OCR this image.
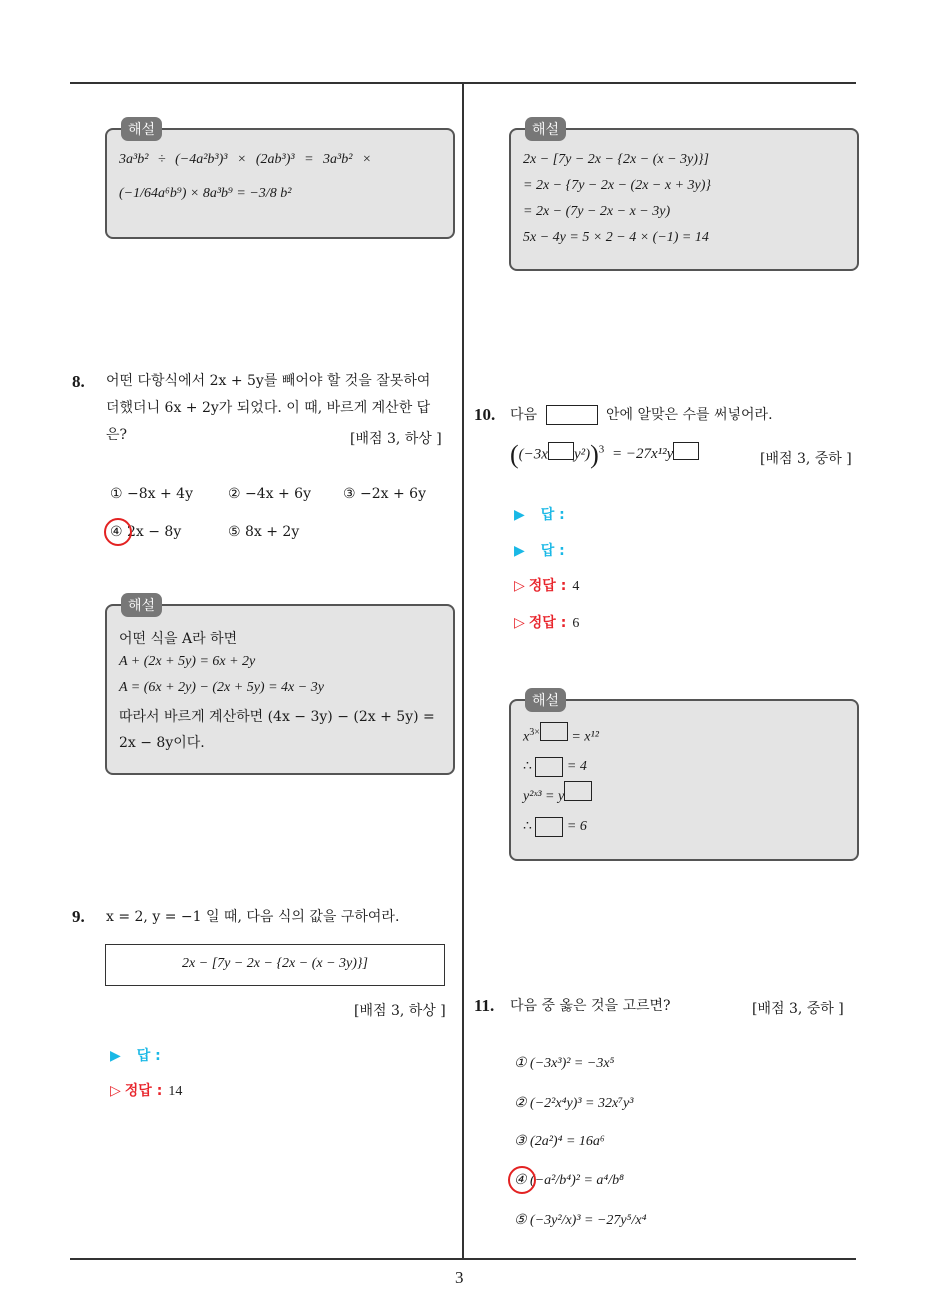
3
해설
3a³b² ÷ (−4a²b³)³ × (2ab³)³ = 3a³b² ×
(−1/64a⁶b⁹) × 8a³b⁹ = −3/8 b²
8. 어떤 다항식에서 2x + 5y를 빼어야 할 것을 잘못하여
더했더니 6x + 2y가 되었다. 이 때, 바르게 계산한 답
은?	[배점 3, 하상 ]
① −8x + 4y	② −4x + 6y ③ −2x + 6y
④ 2x − 8y	⑤ 8x + 2y
해설
어떤 식을 A라 하면
A + (2x + 5y) = 6x + 2y
A = (6x + 2y) − (2x + 5y) = 4x − 3y
따라서 바르게 계산하면 (4x − 3y) − (2x + 5y) =
2x − 8y이다.
9. x = 2, y = −1 일 때, 다음 식의 값을 구하여라.
2x − [7y − 2x − {2x − (x − 3y)}]
[배점 3, 하상 ]
▶ 답 :
▷ 정답 : 14
해설
2x − [7y − 2x − {2x − (x − 3y)}]
= 2x − {7y − 2x − (2x − x + 3y)}
= 2x − (7y − 2x − x − 3y)
5x − 4y = 5 × 2 − 4 × (−1) = 14
10. 다음	안에 알맞은 수를 써넣어라.
((−3x y²))$^3$ = −27x¹²y	[배점 3, 중하 ]
▶ 답 :
▶ 답 :
▷ 정답 : 4
▷ 정답 : 6
해설
$x^{3\times} = x^{12}$
∴	= 4
y²ˣ³ = y
∴	= 6
11. 다음 중 옳은 것을 고르면?	[배점 3, 중하 ]
① (−3x³)² = −3x⁵
② (−2²x⁴y)³ = 32x⁷y³
③ (2a²)⁴ = 16a⁶
④ (−a²/b⁴)² = a⁴/b⁸
⑤ (−3y²/x)³ = −27y⁵/x⁴
